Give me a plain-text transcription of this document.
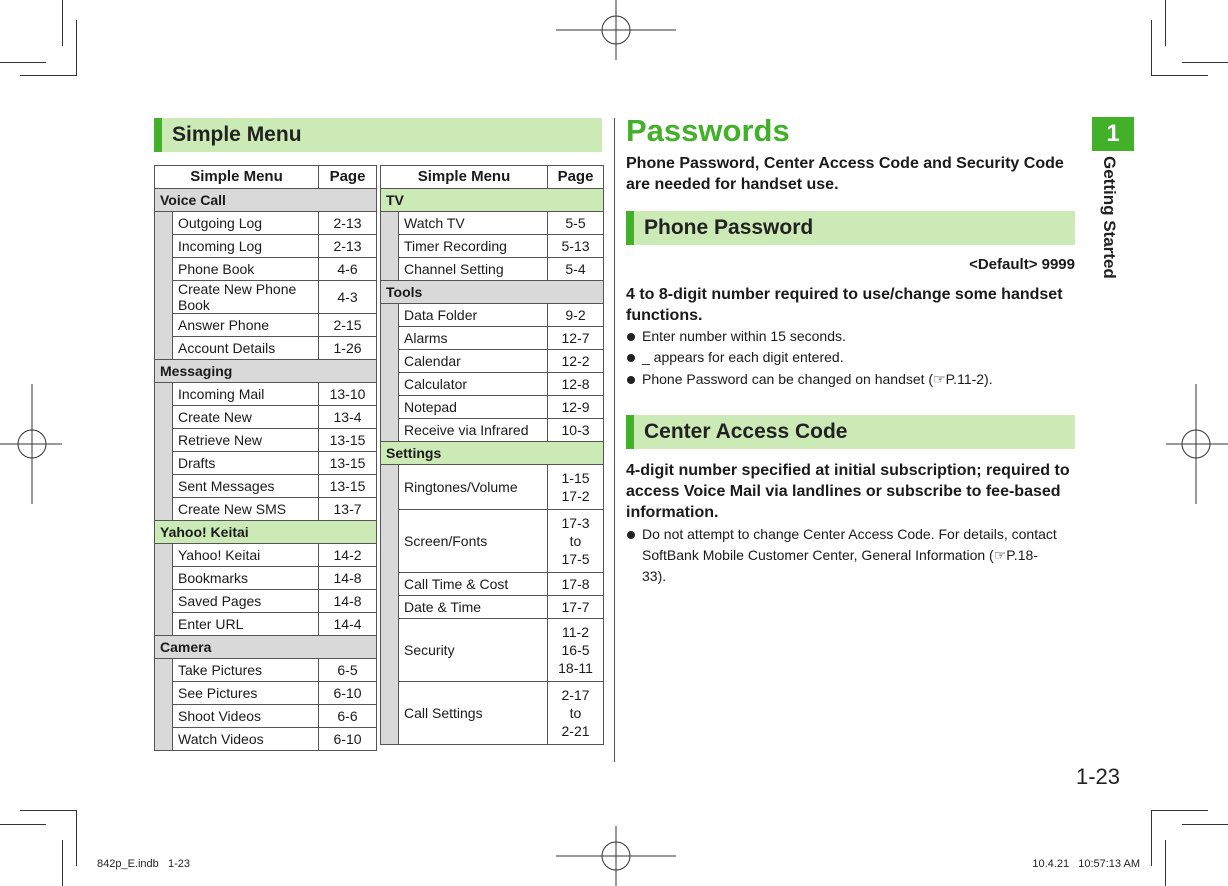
Simple Menu
Simple Menu		Page
Voice Call		
	Outgoing Log	2-13
	Incoming Log	2-13
	Phone Book	4-6
	Create New Phone Book	4-3
	Answer Phone	2-15
	Account Details	1-26
Messaging		
	Incoming Mail	13-10
	Create New	13-4
	Retrieve New	13-15
	Drafts	13-15
	Sent Messages	13-15
	Create New SMS	13-7
Yahoo! Keitai		
	Yahoo! Keitai	14-2
	Bookmarks	14-8
	Saved Pages	14-8
	Enter URL	14-4
Camera		
	Take Pictures	6-5
	See Pictures	6-10
	Shoot Videos	6-6
	Watch Videos	6-10
Simple Menu		Page
TV		
	Watch TV	5-5
	Timer Recording	5-13
	Channel Setting	5-4
Tools		
	Data Folder	9-2
	Alarms	12-7
	Calendar	12-2
	Calculator	12-8
	Notepad	12-9
	Receive via Infrared	10-3
Settings		
	Ringtones/Volume	1-15
17-2
	Screen/Fonts	17-3
to
17-5
	Call Time & Cost	17-8
	Date & Time	17-7
	Security	11-2
16-5
18-11
	Call Settings	2-17
to
2-21
Passwords
Phone Password, Center Access Code and Security Code are needed for handset use.
Phone Password
<Default> 9999
4 to 8-digit number required to use/change some handset functions.
Enter number within 15 seconds.
_ appears for each digit entered.
Phone Password can be changed on handset (☞P.11-2).
Center Access Code
4-digit number specified at initial subscription; required to access Voice Mail via landlines or subscribe to fee-based information.
Do not attempt to change Center Access Code. For details, contact SoftBank Mobile Customer Center, General Information (☞P.18-33).
1
Getting Started
1-23
842p_E.indb   1-23	10.4.21   10:57:13 AM
